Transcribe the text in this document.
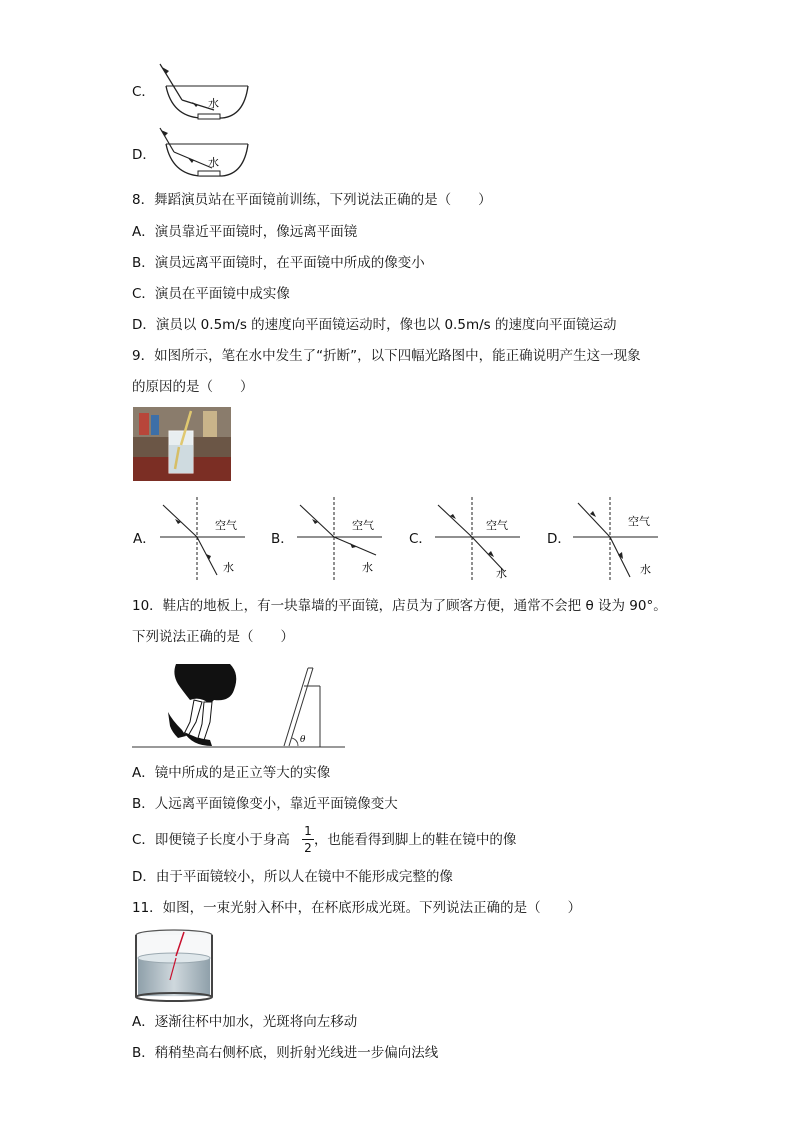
C．
水
D．	水
8．舞蹈演员站在平面镜前训练，下列说法正确的是（　　）
A．演员靠近平面镜时，像远离平面镜
B．演员远离平面镜时，在平面镜中所成的像变小
C．演员在平面镜中成实像
D．演员以 0.5m/s 的速度向平面镜运动时，像也以 0.5m/s 的速度向平面镜运动
9．如图所示，笔在水中发生了“折断”，以下四幅光路图中，能正确说明产生这一现象
的原因的是（　　）
A．
空气
水
B．
空气
水
C．
空气
水
D．
空气
水
10．鞋店的地板上，有一块靠墙的平面镜，店员为了顾客方便，通常不会把 θ 设为 90°。
下列说法正确的是（　　）
θ
A．镜中所成的是正立等大的实像
B．人远离平面镜像变小，靠近平面镜像变大
C．即便镜子长度小于身高 ，也能看得到脚上的鞋在镜中的像
1
2
D．由于平面镜较小，所以人在镜中不能形成完整的像
11．如图，一束光射入杯中，在杯底形成光斑。下列说法正确的是（　　）
A．逐渐往杯中加水，光斑将向左移动
B．稍稍垫高右侧杯底，则折射光线进一步偏向法线
